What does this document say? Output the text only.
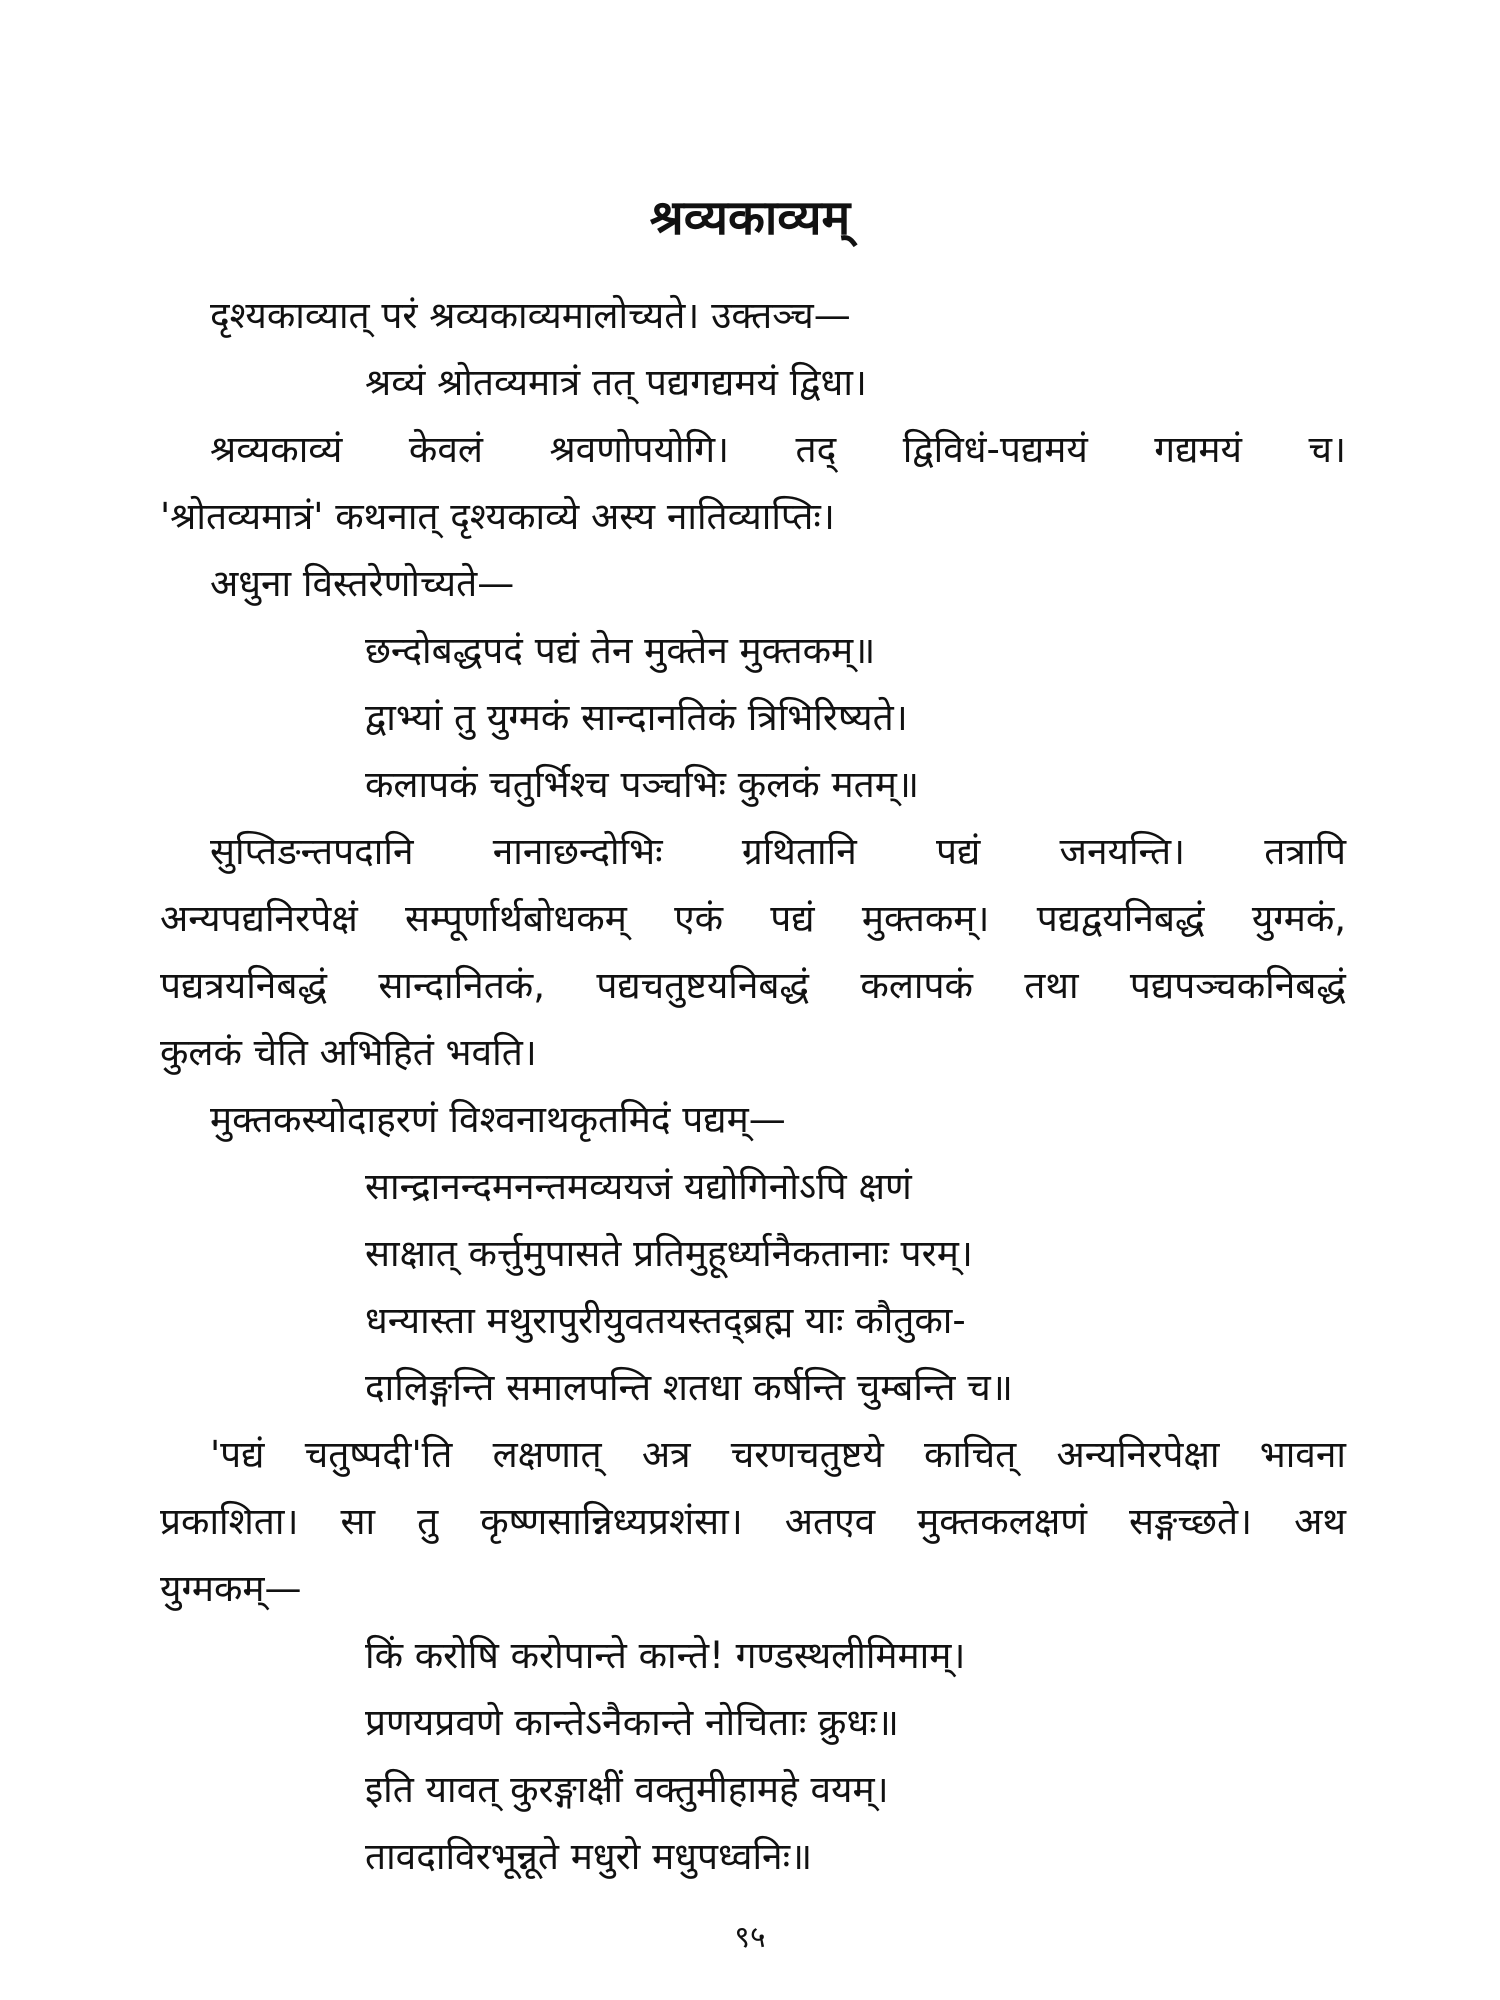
श्रव्यकाव्यम्
दृश्यकाव्यात् परं श्रव्यकाव्यमालोच्यते। उक्तञ्च—
श्रव्यं श्रोतव्यमात्रं तत् पद्यगद्यमयं द्विधा।
श्रव्यकाव्यं केवलं श्रवणोपयोगि। तद् द्विविधं-पद्यमयं गद्यमयं च।
'श्रोतव्यमात्रं' कथनात् दृश्यकाव्ये अस्य नातिव्याप्तिः।
अधुना विस्तरेणोच्यते—
छन्दोबद्धपदं पद्यं तेन मुक्तेन मुक्तकम्॥
द्वाभ्यां तु युग्मकं सान्दानतिकं त्रिभिरिष्यते।
कलापकं चतुर्भिश्च पञ्चभिः कुलकं मतम्॥
सुप्तिङन्तपदानि नानाछन्दोभिः ग्रथितानि पद्यं जनयन्ति। तत्रापि
अन्यपद्यनिरपेक्षं सम्पूर्णार्थबोधकम् एकं पद्यं मुक्तकम्। पद्यद्वयनिबद्धं युग्मकं,
पद्यत्रयनिबद्धं सान्दानितकं, पद्यचतुष्टयनिबद्धं कलापकं तथा पद्यपञ्चकनिबद्धं
कुलकं चेति अभिहितं भवति।
मुक्तकस्योदाहरणं विश्वनाथकृतमिदं पद्यम्—
सान्द्रानन्दमनन्तमव्ययजं यद्योगिनोऽपि क्षणं
साक्षात् कर्त्तुमुपासते प्रतिमुहूर्ध्यानैकतानाः परम्।
धन्यास्ता मथुरापुरीयुवतयस्तद्ब्रह्म याः कौतुका-
दालिङ्गन्ति समालपन्ति शतधा कर्षन्ति चुम्बन्ति च॥
'पद्यं चतुष्पदी'ति लक्षणात् अत्र चरणचतुष्टये काचित् अन्यनिरपेक्षा भावना
प्रकाशिता। सा तु कृष्णसान्निध्यप्रशंसा। अतएव मुक्तकलक्षणं सङ्गच्छते। अथ
युग्मकम्—
किं करोषि करोपान्ते कान्ते! गण्डस्थलीमिमाम्।
प्रणयप्रवणे कान्तेऽनैकान्ते नोचिताः क्रुधः॥
इति यावत् कुरङ्गाक्षीं वक्तुमीहामहे वयम्।
तावदाविरभून्नूते मधुरो मधुपध्वनिः॥
९५
